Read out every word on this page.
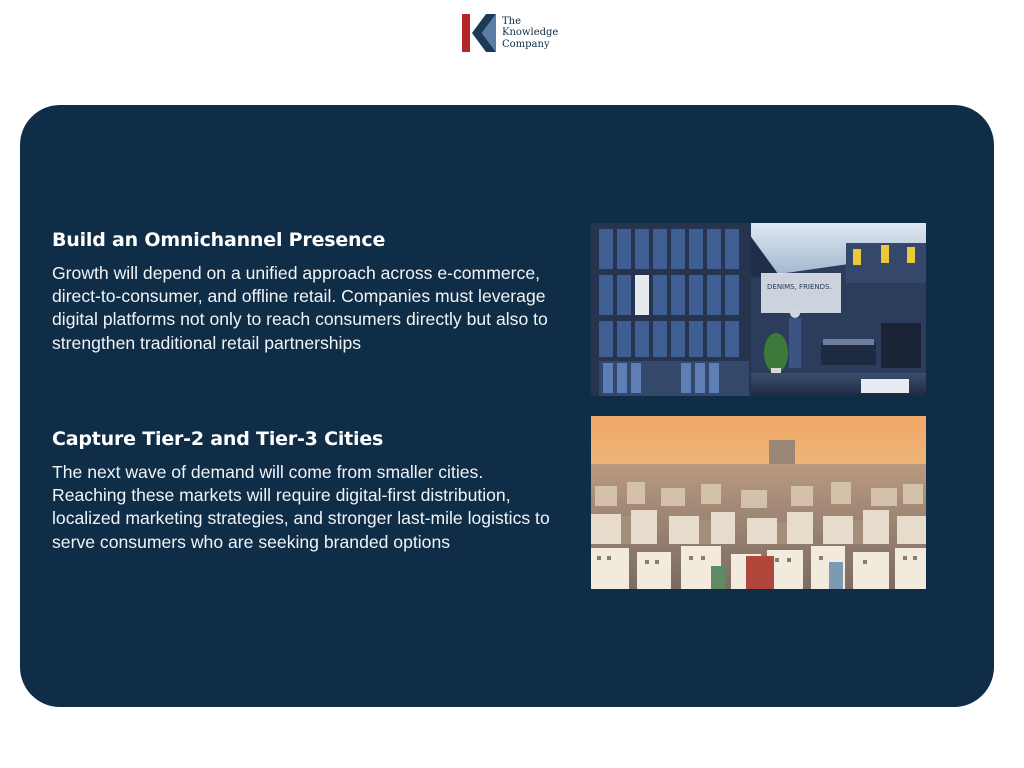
The
Knowledge
Company
Build an Omnichannel Presence

Growth will depend on a unified approach across e-commerce, direct-to-consumer, and offline retail. Companies must leverage digital platforms not only to reach consumers directly but also to strengthen traditional retail partnerships

DENIMS, FRIENDS.
Capture Tier-2 and Tier-3 Cities

The next wave of demand will come from smaller cities. Reaching these markets will require digital-first distribution, localized marketing strategies, and stronger last-mile logistics to serve consumers who are seeking branded options
